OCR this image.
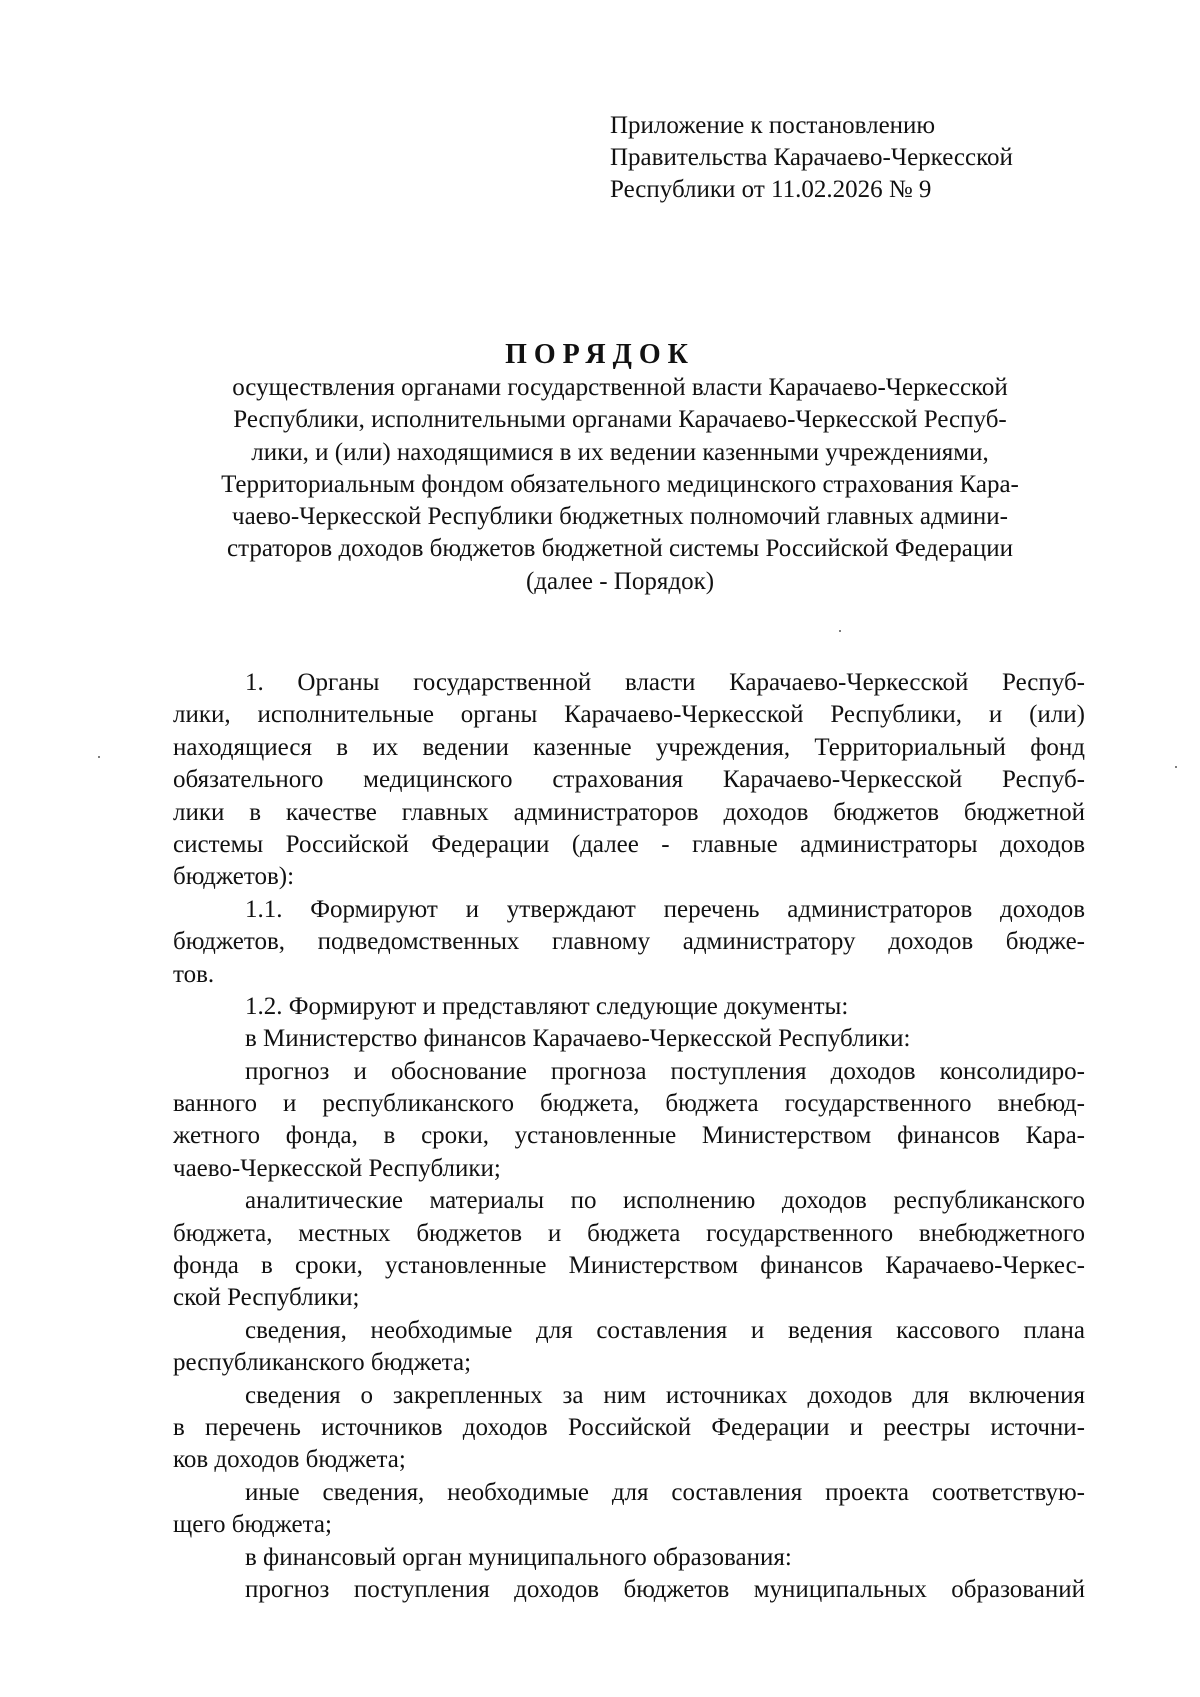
Приложение к постановлению
Правительства Карачаево-Черкесской
Республики от 11.02.2026 № 9
ПОРЯДОК
осуществления органами государственной власти Карачаево-Черкесской
Республики, исполнительными органами Карачаево-Черкесской Респуб-
лики, и (или) находящимися в их ведении казенными учреждениями,
Территориальным фондом обязательного медицинского страхования Кара-
чаево-Черкесской Республики бюджетных полномочий главных админи-
страторов доходов бюджетов бюджетной системы Российской Федерации
(далее - Порядок)
1. Органы государственной власти Карачаево-Черкесской Респуб-
лики, исполнительные органы Карачаево-Черкесской Республики, и (или)
находящиеся в их ведении казенные учреждения, Территориальный фонд
обязательного медицинского страхования Карачаево-Черкесской Респуб-
лики в качестве главных администраторов доходов бюджетов бюджетной
системы Российской Федерации (далее - главные администраторы доходов
бюджетов):
1.1. Формируют и утверждают перечень администраторов доходов
бюджетов, подведомственных главному администратору доходов бюдже-
тов.
1.2. Формируют и представляют следующие документы:
в Министерство финансов Карачаево-Черкесской Республики:
прогноз и обоснование прогноза поступления доходов консолидиро-
ванного и республиканского бюджета, бюджета государственного внебюд-
жетного фонда, в сроки, установленные Министерством финансов Кара-
чаево-Черкесской Республики;
аналитические материалы по исполнению доходов республиканского
бюджета, местных бюджетов и бюджета государственного внебюджетного
фонда в сроки, установленные Министерством финансов Карачаево-Черкес-
ской Республики;
сведения, необходимые для составления и ведения кассового плана
республиканского бюджета;
сведения о закрепленных за ним источниках доходов для включения
в перечень источников доходов Российской Федерации и реестры источни-
ков доходов бюджета;
иные сведения, необходимые для составления проекта соответствую-
щего бюджета;
в финансовый орган муниципального образования:
прогноз поступления доходов бюджетов муниципальных образований
